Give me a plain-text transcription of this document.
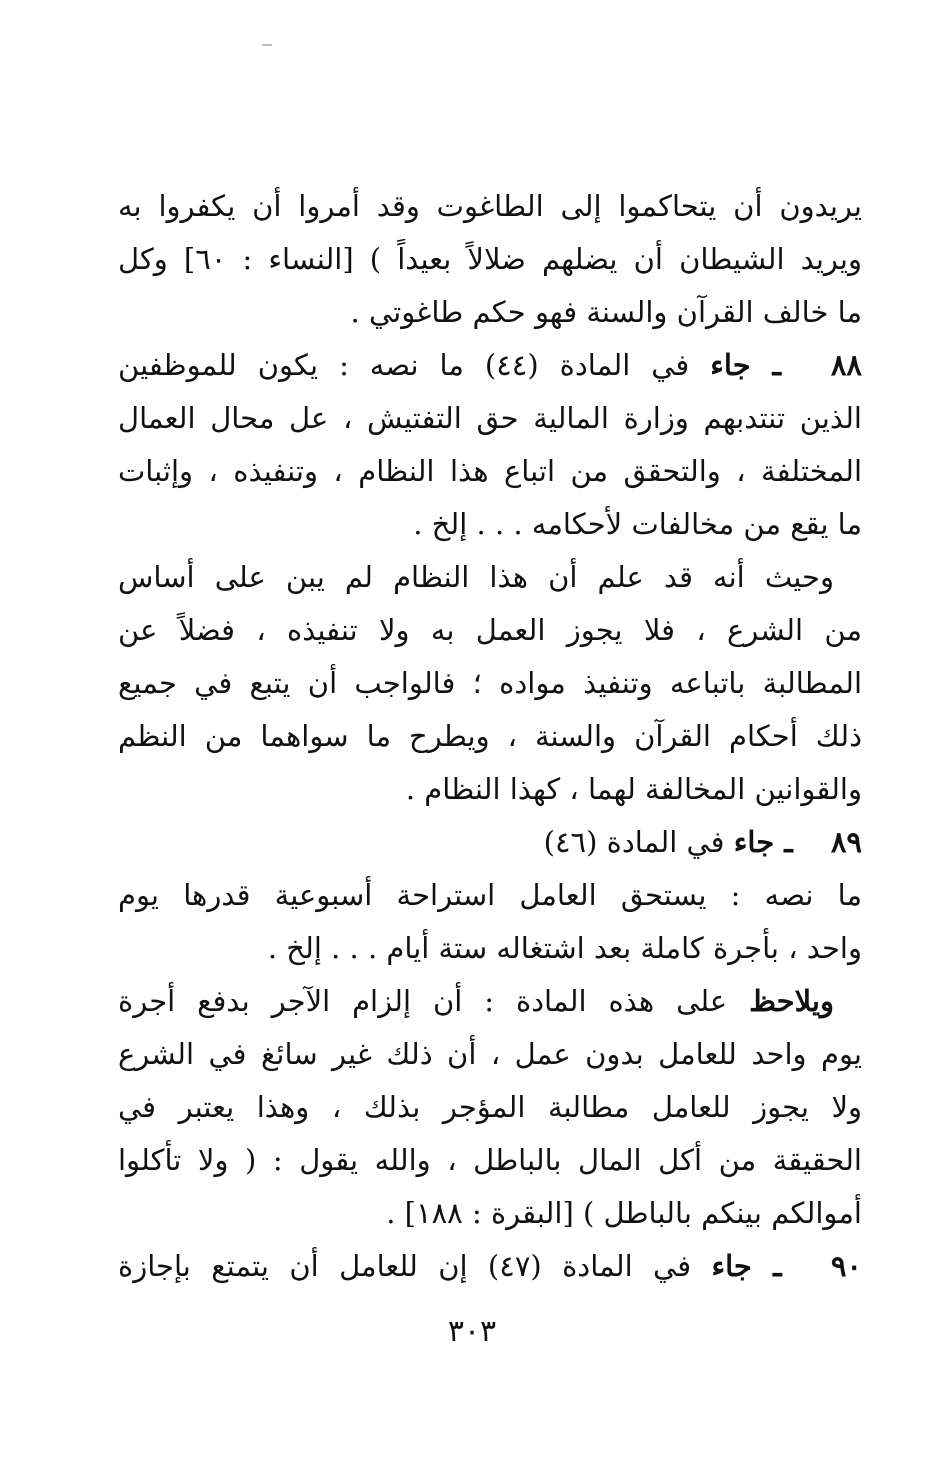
يريدون أن يتحاكموا إلى الطاغوت وقد أمروا أن يكفروا به
ويريد الشيطان أن يضلهم ضلالاً بعيداً ) [النساء : ٦٠] وكل
ما خالف القرآن والسنة فهو حكم طاغوتي .
٨٨ ـ جاء في المادة (٤٤) ما نصه : يكون للموظفين
الذين تنتدبهم وزارة المالية حق التفتيش ، عل محال العمال
المختلفة ، والتحقق من اتباع هذا النظام ، وتنفيذه ، وإثبات
ما يقع من مخالفات لأحكامه . . . إلخ .
وحيث أنه قد علم أن هذا النظام لم يبن على أساس
من الشرع ، فلا يجوز العمل به ولا تنفيذه ، فضلاً عن
المطالبة باتباعه وتنفيذ مواده ؛ فالواجب أن يتبع في جميع
ذلك أحكام القرآن والسنة ، ويطرح ما سواهما من النظم
والقوانين المخالفة لهما ، كهذا النظام .
٨٩ ـ جاء في المادة (٤٦)
ما نصه : يستحق العامل استراحة أسبوعية قدرها يوم
واحد ، بأجرة كاملة بعد اشتغاله ستة أيام . . . إلخ .
ويلاحظ على هذه المادة : أن إلزام الآجر بدفع أجرة
يوم واحد للعامل بدون عمل ، أن ذلك غير سائغ في الشرع
ولا يجوز للعامل مطالبة المؤجر بذلك ، وهذا يعتبر في
الحقيقة من أكل المال بالباطل ، والله يقول : ( ولا تأكلوا
أموالكم بينكم بالباطل ) [البقرة : ١٨٨] .
٩٠ ـ جاء في المادة (٤٧) إن للعامل أن يتمتع بإجازة
٣٠٣
